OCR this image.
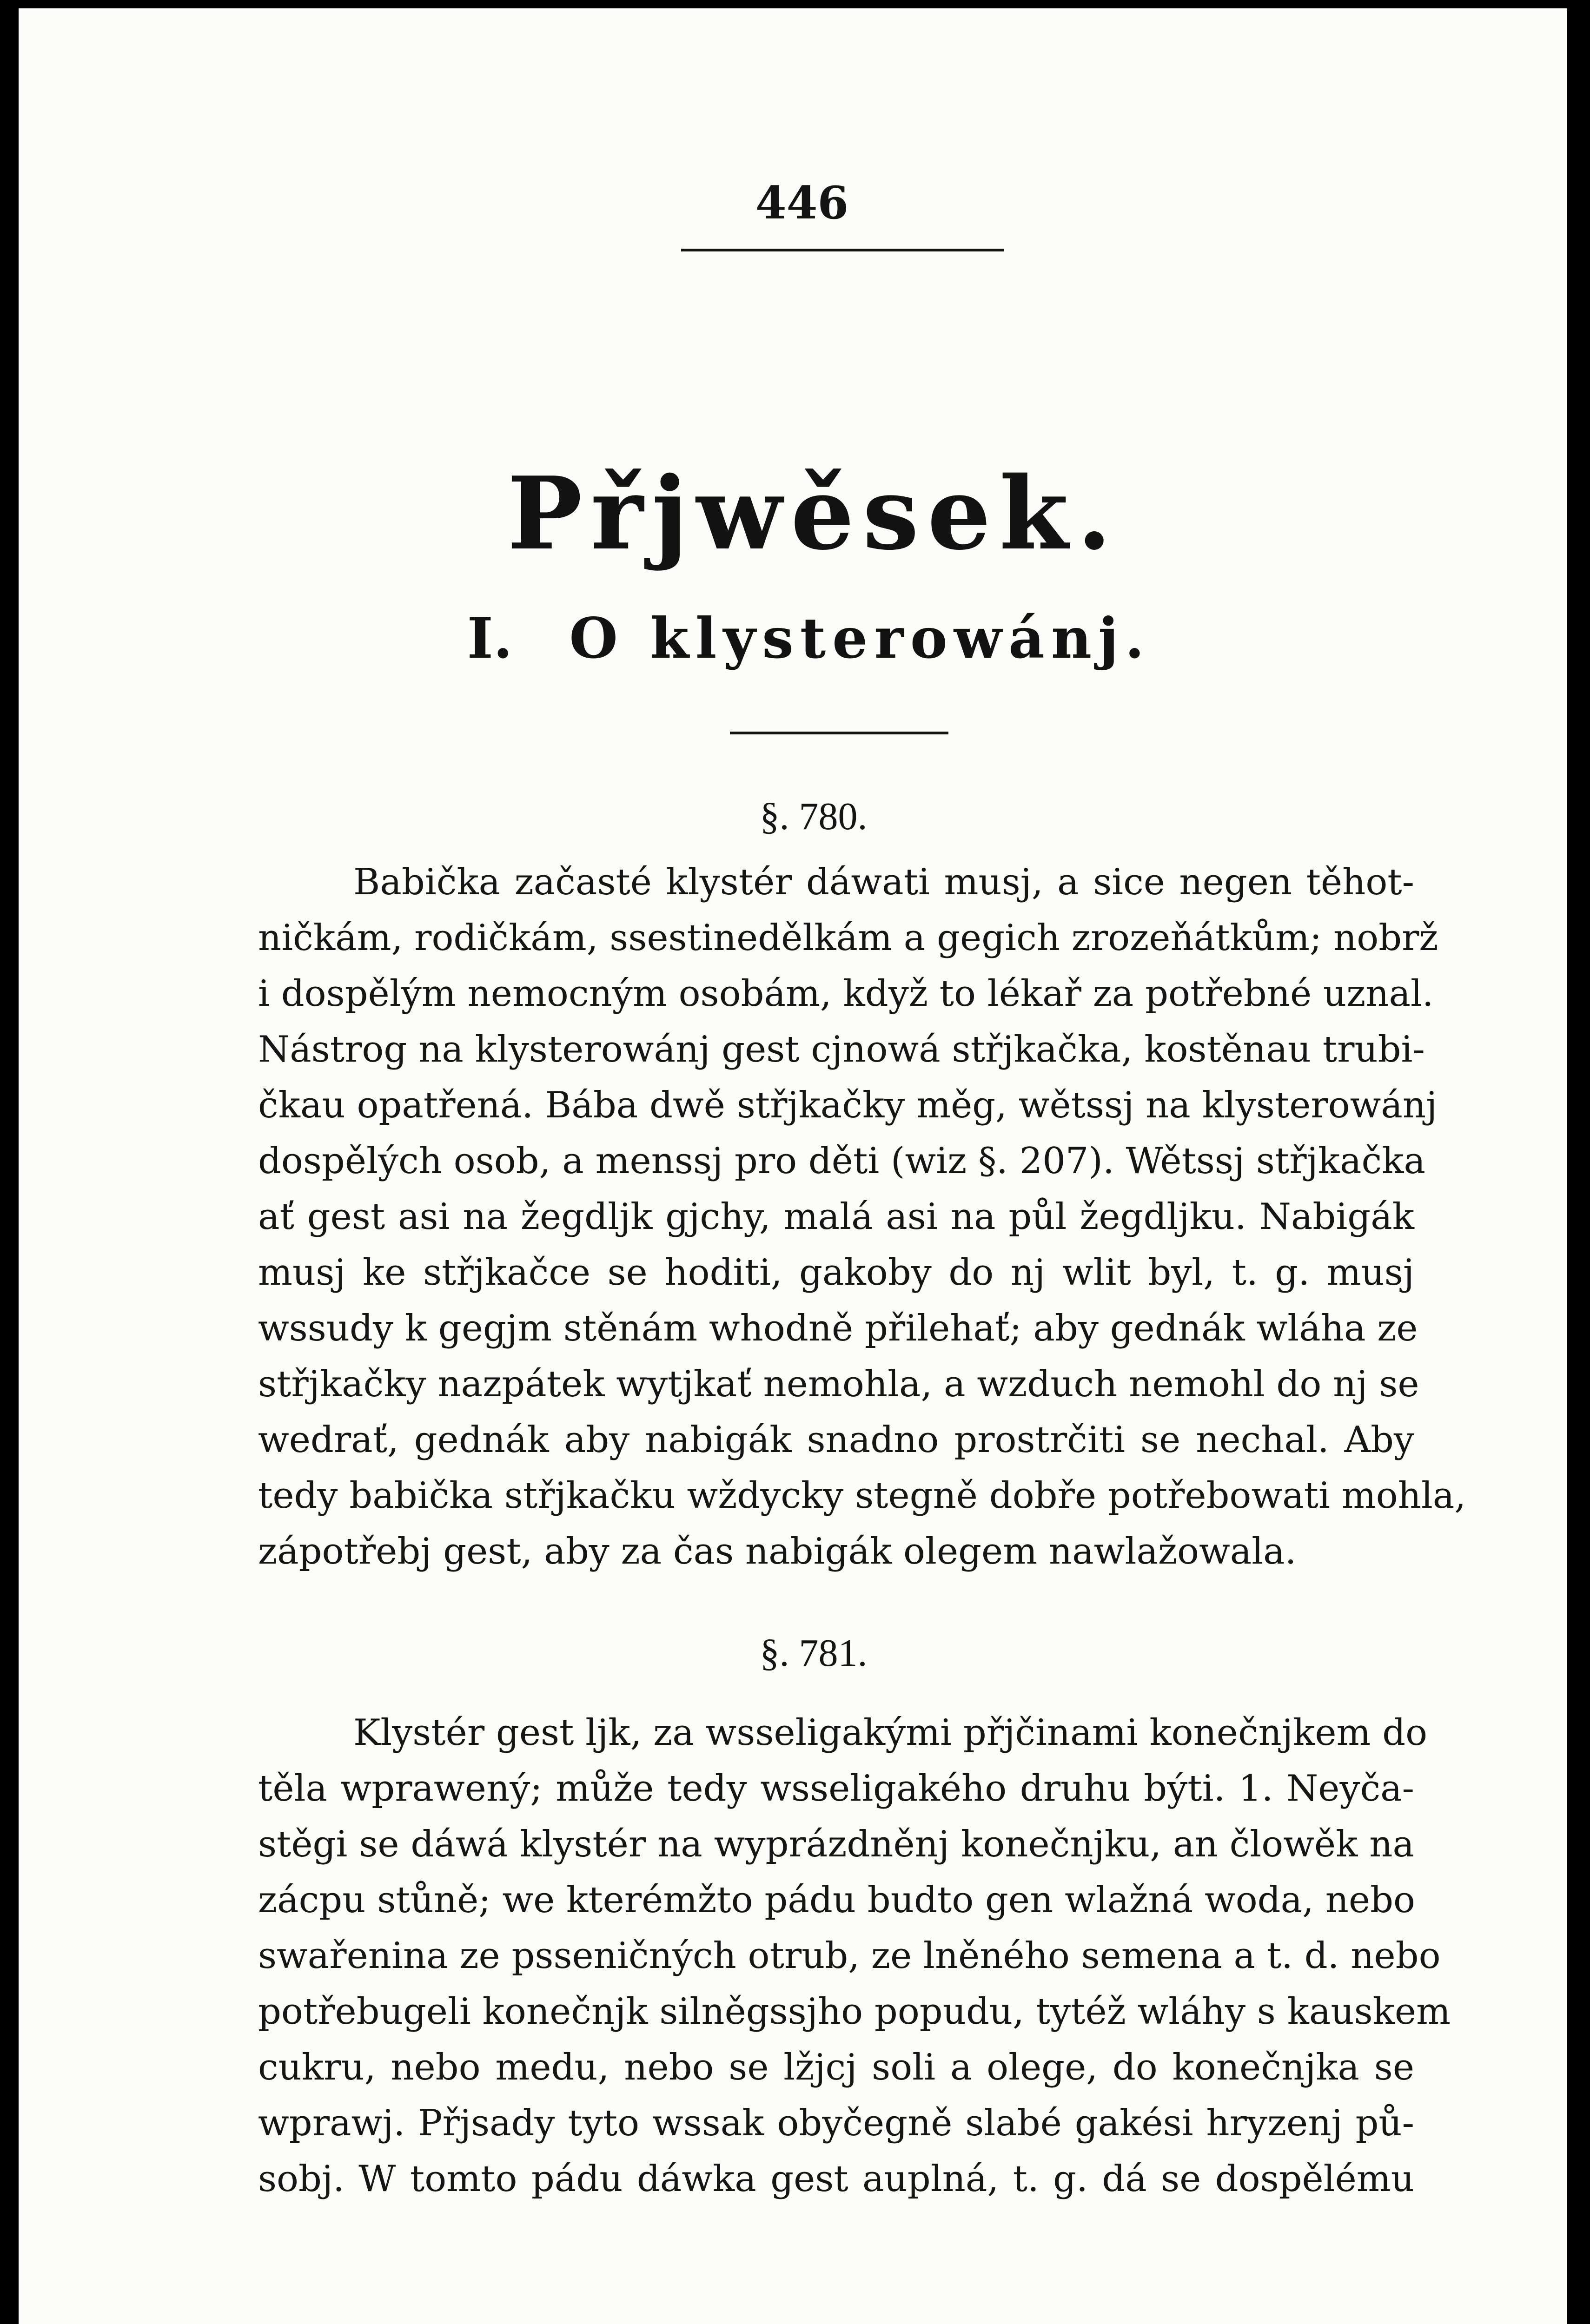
446
Přjwěsek.
I. O klysterowánj.
§. 780.
Babička začasté klystér dáwati musj, a sice negen těhot-
ničkám, rodičkám, ssestinedělkám a gegich zrozeňátkům; nobrž
i dospělým nemocným osobám, když to lékař za potřebné uznal.
Nástrog na klysterowánj gest cjnowá střjkačka, kostěnau trubi-
čkau opatřená. Bába dwě střjkačky měg, wětssj na klysterowánj
dospělých osob, a menssj pro děti (wiz §. 207). Wětssj střjkačka
ať gest asi na žegdljk gjchy, malá asi na půl žegdljku. Nabigák
musj ke střjkačce se hoditi, gakoby do nj wlit byl, t. g. musj
wssudy k gegjm stěnám whodně přilehať; aby gednák wláha ze
střjkačky nazpátek wytjkať nemohla, a wzduch nemohl do nj se
wedrať, gednák aby nabigák snadno prostrčiti se nechal. Aby
tedy babička střjkačku wždycky stegně dobře potřebowati mohla,
zápotřebj gest, aby za čas nabigák olegem nawlažowala.
§. 781.
Klystér gest ljk, za wsseligakými přjčinami konečnjkem do
těla wprawený; může tedy wsseligakého druhu býti. 1. Neyča-
stěgi se dáwá klystér na wyprázdněnj konečnjku, an člowěk na
zácpu stůně; we kterémžto pádu budto gen wlažná woda, nebo
swařenina ze psseničných otrub, ze lněného semena a t. d. nebo
potřebugeli konečnjk silněgssjho popudu, tytéž wláhy s kauskem
cukru, nebo medu, nebo se lžjcj soli a olege, do konečnjka se
wprawj. Přjsady tyto wssak obyčegně slabé gakési hryzenj pů-
sobj. W tomto pádu dáwka gest auplná, t. g. dá se dospělému
